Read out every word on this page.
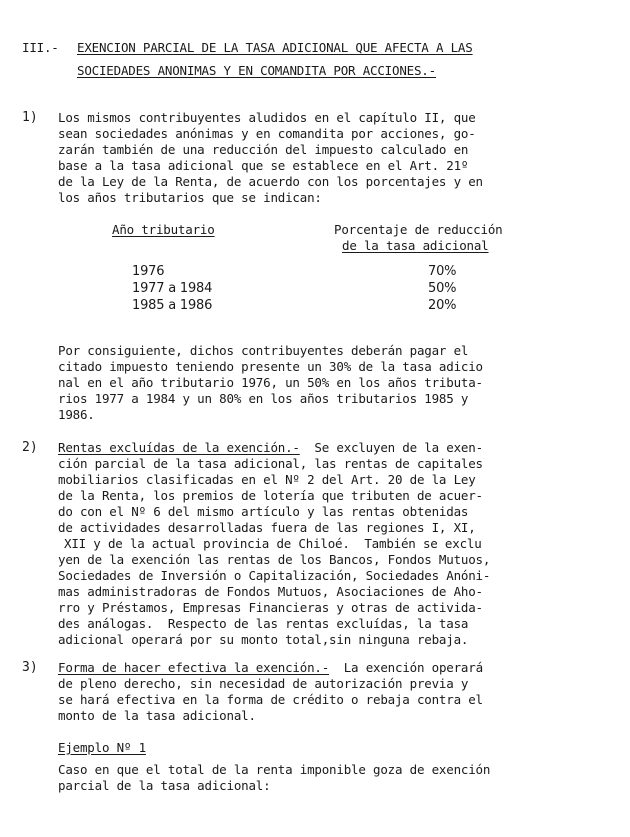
III.- EXENCION PARCIAL DE LA TASA ADICIONAL QUE AFECTA A LAS
SOCIEDADES ANONIMAS Y EN COMANDITA POR ACCIONES.-
1) Los mismos contribuyentes aludidos en el capítulo II, que
sean sociedades anónimas y en comandita por acciones, go-
zarán también de una reducción del impuesto calculado en
base a la tasa adicional que se establece en el Art. 21º
de la Ley de la Renta, de acuerdo con los porcentajes y en
los años tributarios que se indican:
Año tributario	Porcentaje de reducción
de la tasa adicional
1976	70%
1977 a 1984	50%
1985 a 1986	20%
Por consiguiente, dichos contribuyentes deberán pagar el
citado impuesto teniendo presente un 30% de la tasa adicio
nal en el año tributario 1976, un 50% en los años tributa-
rios 1977 a 1984 y un 80% en los años tributarios 1985 y
1986.
2) Rentas excluídas de la exención.-  Se excluyen de la exen-
ción parcial de la tasa adicional, las rentas de capitales
mobiliarios clasificadas en el Nº 2 del Art. 20 de la Ley
de la Renta, los premios de lotería que tributen de acuer-
do con el Nº 6 del mismo artículo y las rentas obtenidas
de actividades desarrolladas fuera de las regiones I, XI,
XII y de la actual provincia de Chiloé.  También se exclu
yen de la exención las rentas de los Bancos, Fondos Mutuos,
Sociedades de Inversión o Capitalización, Sociedades Anóni-
mas administradoras de Fondos Mutuos, Asociaciones de Aho-
rro y Préstamos, Empresas Financieras y otras de activida-
des análogas.  Respecto de las rentas excluídas, la tasa
adicional operará por su monto total,sin ninguna rebaja.
3) Forma de hacer efectiva la exención.-  La exención operará
de pleno derecho, sin necesidad de autorización previa y
se hará efectiva en la forma de crédito o rebaja contra el
monto de la tasa adicional.
Ejemplo Nº 1
Caso en que el total de la renta imponible goza de exención
parcial de la tasa adicional:
